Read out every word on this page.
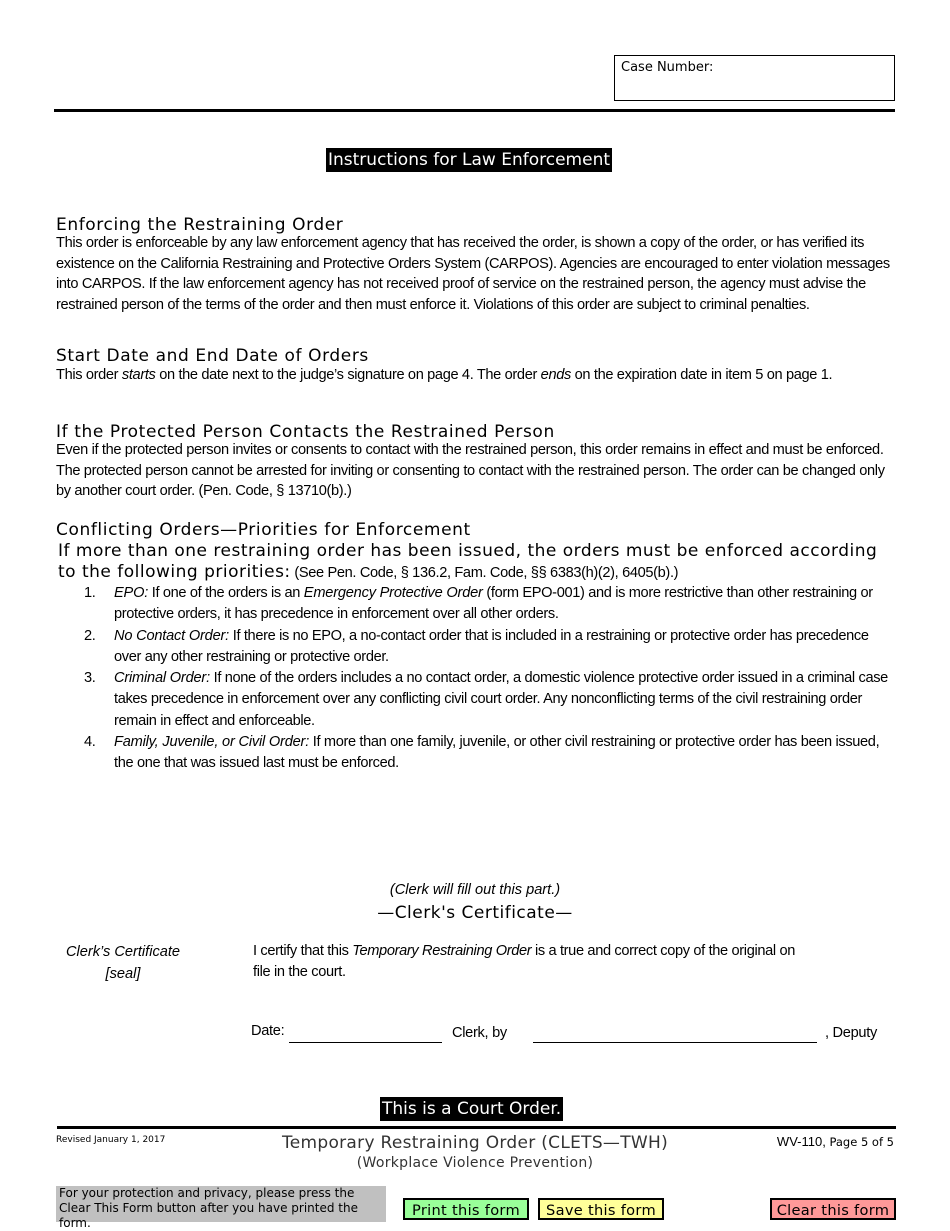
Case Number:
Instructions for Law Enforcement
Enforcing the Restraining Order
This order is enforceable by any law enforcement agency that has received the order, is shown a copy of the order, or has verified its existence on the California Restraining and Protective Orders System (CARPOS). Agencies are encouraged to enter violation messages into CARPOS. If the law enforcement agency has not received proof of service on the restrained person, the agency must advise the restrained person of the terms of the order and then must enforce it. Violations of this order are subject to criminal penalties.
Start Date and End Date of Orders
This order starts on the date next to the judge’s signature on page 4. The order ends on the expiration date in item 5 on page 1.
If the Protected Person Contacts the Restrained Person
Even if the protected person invites or consents to contact with the restrained person, this order remains in effect and must be enforced. The protected person cannot be arrested for inviting or consenting to contact with the restrained person. The order can be changed only by another court order. (Pen. Code, § 13710(b).)
Conflicting Orders—Priorities for Enforcement
If more than one restraining order has been issued, the orders must be enforced according to the following priorities: (See Pen. Code, § 136.2, Fam. Code, §§ 6383(h)(2), 6405(b).)
1. EPO: If one of the orders is an Emergency Protective Order (form EPO-001) and is more restrictive than other restraining or protective orders, it has precedence in enforcement over all other orders.
2. No Contact Order: If there is no EPO, a no-contact order that is included in a restraining or protective order has precedence over any other restraining or protective order.
3. Criminal Order: If none of the orders includes a no contact order, a domestic violence protective order issued in a criminal case takes precedence in enforcement over any conflicting civil court order. Any nonconflicting terms of the civil restraining order remain in effect and enforceable.
4. Family, Juvenile, or Civil Order: If more than one family, juvenile, or other civil restraining or protective order has been issued, the one that was issued last must be enforced.
(Clerk will fill out this part.)
—Clerk's Certificate—
Clerk’s Certificate
[seal]
I certify that this Temporary Restraining Order is a true and correct copy of the original on file in the court.
Date:	Clerk, by	, Deputy
This is a Court Order.
Revised January 1, 2017	Temporary Restraining Order (CLETS—TWH)
(Workplace Violence Prevention)
WV-110, Page 5 of 5
For your protection and privacy, please press the Clear This Form button after you have printed the form.
Print this form	Save this form	Clear this form
